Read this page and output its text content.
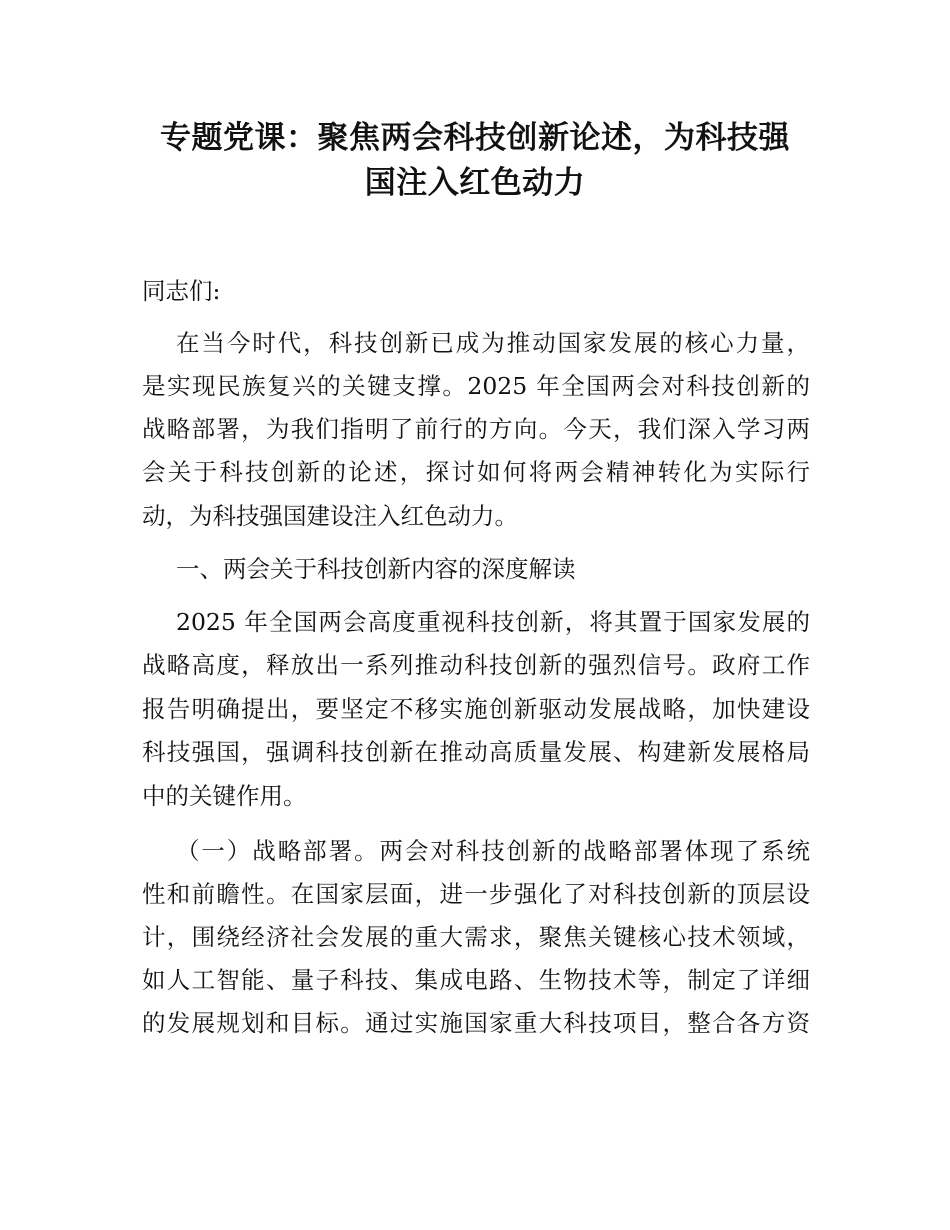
专题党课：聚焦两会科技创新论述，为科技强
国注入红色动力
同志们:
在当今时代，科技创新已成为推动国家发展的核心力量，
是实现民族复兴的关键支撑。2025 年全国两会对科技创新的
战略部署，为我们指明了前行的方向。今天，我们深入学习两
会关于科技创新的论述，探讨如何将两会精神转化为实际行
动，为科技强国建设注入红色动力。
一、两会关于科技创新内容的深度解读
2025 年全国两会高度重视科技创新，将其置于国家发展的
战略高度，释放出一系列推动科技创新的强烈信号。政府工作
报告明确提出，要坚定不移实施创新驱动发展战略，加快建设
科技强国，强调科技创新在推动高质量发展、构建新发展格局
中的关键作用。
（一）战略部署。两会对科技创新的战略部署体现了系统
性和前瞻性。在国家层面，进一步强化了对科技创新的顶层设
计，围绕经济社会发展的重大需求，聚焦关键核心技术领域，
如人工智能、量子科技、集成电路、生物技术等，制定了详细
的发展规划和目标。通过实施国家重大科技项目，整合各方资
